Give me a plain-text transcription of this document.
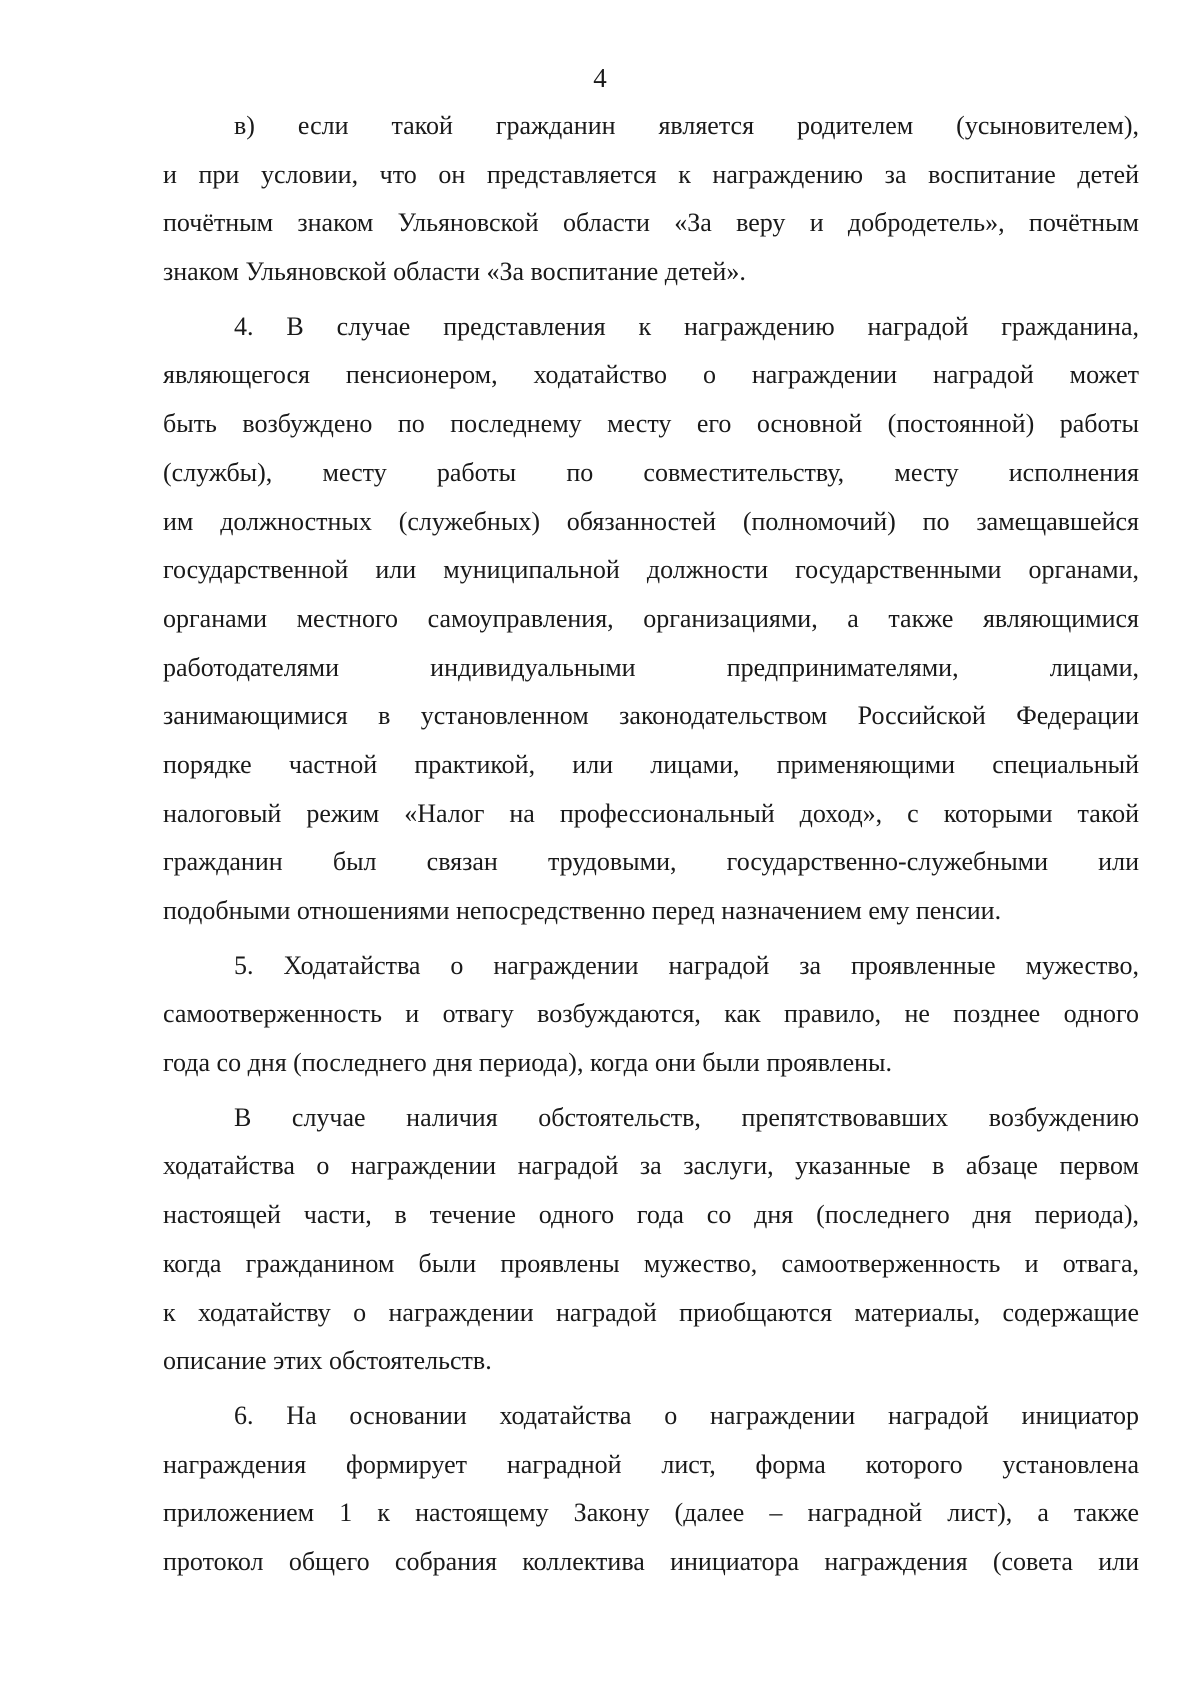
4
в) если такой гражданин является родителем (усыновителем),
и при условии, что он представляется к награждению за воспитание детей
почётным знаком Ульяновской области «За веру и добродетель», почётным
знаком Ульяновской области «За воспитание детей».
4. В случае представления к награждению наградой гражданина,
являющегося пенсионером, ходатайство о награждении наградой может
быть возбуждено по последнему месту его основной (постоянной) работы
(службы), месту работы по совместительству, месту исполнения
им должностных (служебных) обязанностей (полномочий) по замещавшейся
государственной или муниципальной должности государственными органами,
органами местного самоуправления, организациями, а также являющимися
работодателями индивидуальными предпринимателями, лицами,
занимающимися в установленном законодательством Российской Федерации
порядке частной практикой, или лицами, применяющими специальный
налоговый режим «Налог на профессиональный доход», с которыми такой
гражданин был связан трудовыми, государственно-служебными или
подобными отношениями непосредственно перед назначением ему пенсии.
5. Ходатайства о награждении наградой за проявленные мужество,
самоотверженность и отвагу возбуждаются, как правило, не позднее одного
года со дня (последнего дня периода), когда они были проявлены.
В случае наличия обстоятельств, препятствовавших возбуждению
ходатайства о награждении наградой за заслуги, указанные в абзаце первом
настоящей части, в течение одного года со дня (последнего дня периода),
когда гражданином были проявлены мужество, самоотверженность и отвага,
к ходатайству о награждении наградой приобщаются материалы, содержащие
описание этих обстоятельств.
6. На основании ходатайства о награждении наградой инициатор
награждения формирует наградной лист, форма которого установлена
приложением 1 к настоящему Закону (далее – наградной лист), а также
протокол общего собрания коллектива инициатора награждения (совета или
